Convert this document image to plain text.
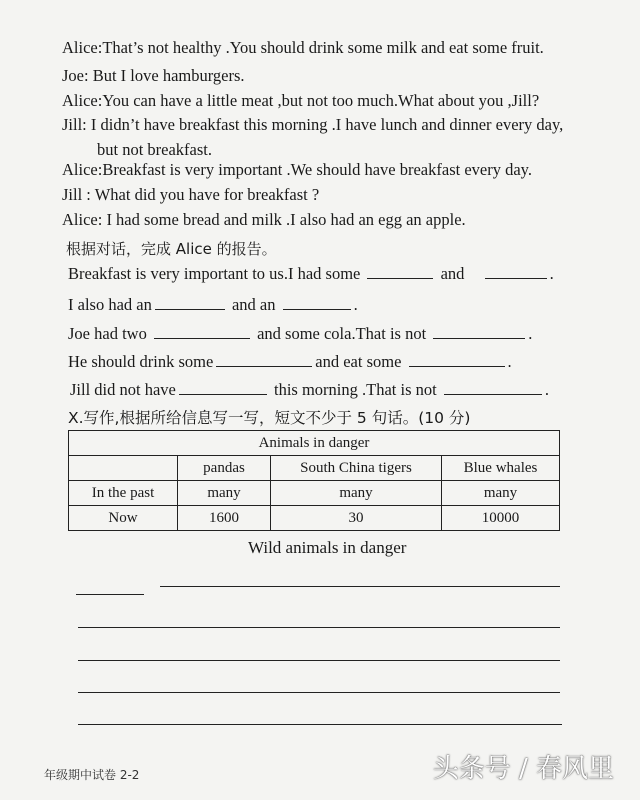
Alice:That’s not healthy .You should drink some milk and eat some fruit.
Joe: But I love hamburgers.
Alice:You can have a little meat ,but not too much.What about you ,Jill?
Jill: I didn’t have breakfast this morning .I have lunch and dinner every day,
but not breakfast.
Alice:Breakfast is very important .We should have breakfast every day.
Jill : What did you have for breakfast ?
Alice: I had some bread and milk .I also had an egg an apple.
根据对话，完成 Alice 的报告。
Breakfast is very important to us.I had some	and	.
I also had an	and an	.
Joe had two	and some cola.That is not	.
He should drink some	and eat some	.
Jill did not have	this morning .That is not	.
X.写作,根据所给信息写一写，短文不少于 5 句话。(10 分)
Animals in danger			
	pandas	South China tigers	Blue whales
In the past	many	many	many
Now	1600	30	10000
Wild animals in danger
年级期中试卷 2-2	头条号 / 春风里
